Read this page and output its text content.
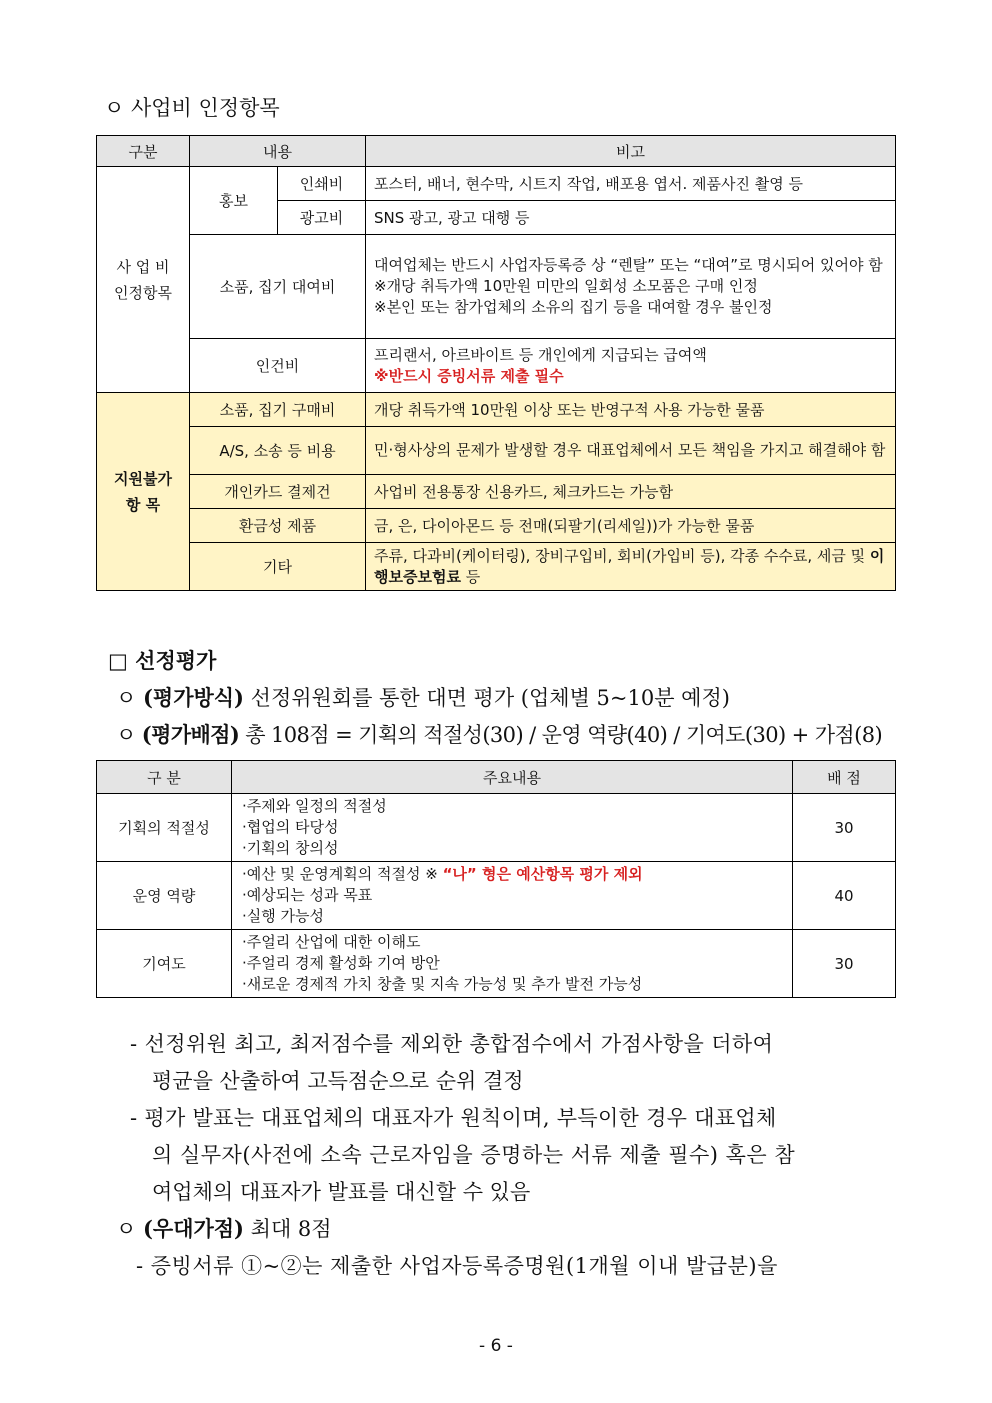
ㅇ 사업비 인정항목
구분	내용		비고
사 업 비
인정항목	홍보	인쇄비	포스터, 배너, 현수막, 시트지 작업, 배포용 엽서. 제품사진 촬영 등
		광고비	SNS 광고, 광고 대행 등
	소품, 집기 대여비		대여업체는 반드시 사업자등록증 상 “렌탈” 또는 “대여”로 명시되어 있어야 함
※개당 취득가액 10만원 미만의 일회성 소모품은 구매 인정
※본인 또는 참가업체의 소유의 집기 등을 대여할 경우 불인정

	인건비		프리랜서, 아르바이트 등 개인에게 지급되는 급여액
※반드시 증빙서류 제출 필수

지원불가
항 목	소품, 집기 구매비		개당 취득가액 10만원 이상 또는 반영구적 사용 가능한 물품
	A/S, 소송 등 비용		민·형사상의 문제가 발생할 경우 대표업체에서 모든 책임을 가지고 해결해야 함
	개인카드 결제건		사업비 전용통장 신용카드, 체크카드는 가능함
	환금성 제품		금, 은, 다이아몬드 등 전매(되팔기(리세일))가 가능한 물품
	기타		주류, 다과비(케이터링), 장비구입비, 회비(가입비 등), 각종 수수료, 세금 및 이행보증보험료 등
□ 선정평가
ㅇ (평가방식) 선정위원회를 통한 대면 평가 (업체별 5~10분 예정)
ㅇ (평가배점) 총 108점 = 기획의 적절성(30) / 운영 역량(40) / 기여도(30) + 가점(8)
구 분	주요내용	배 점
기획의 적절성	·주제와 일정의 적절성
·협업의 타당성
·기획의 창의성	30
운영 역량	·예산 및 운영계획의 적절성 ※ “나” 형은 예산항목 평가 제외
·예상되는 성과 목표
·실행 가능성	40
기여도	·주얼리 산업에 대한 이해도
·주얼리 경제 활성화 기여 방안
·새로운 경제적 가치 창출 및 지속 가능성 및 추가 발전 가능성	30
- 선정위원 최고, 최저점수를 제외한 총합점수에서 가점사항을 더하여
평균을 산출하여 고득점순으로 순위 결정
- 평가 발표는 대표업체의 대표자가 원칙이며, 부득이한 경우 대표업체
의 실무자(사전에 소속 근로자임을 증명하는 서류 제출 필수) 혹은 참
여업체의 대표자가 발표를 대신할 수 있음
ㅇ (우대가점) 최대 8점
- 증빙서류 ①~②는 제출한 사업자등록증명원(1개월 이내 발급분)을
- 6 -
